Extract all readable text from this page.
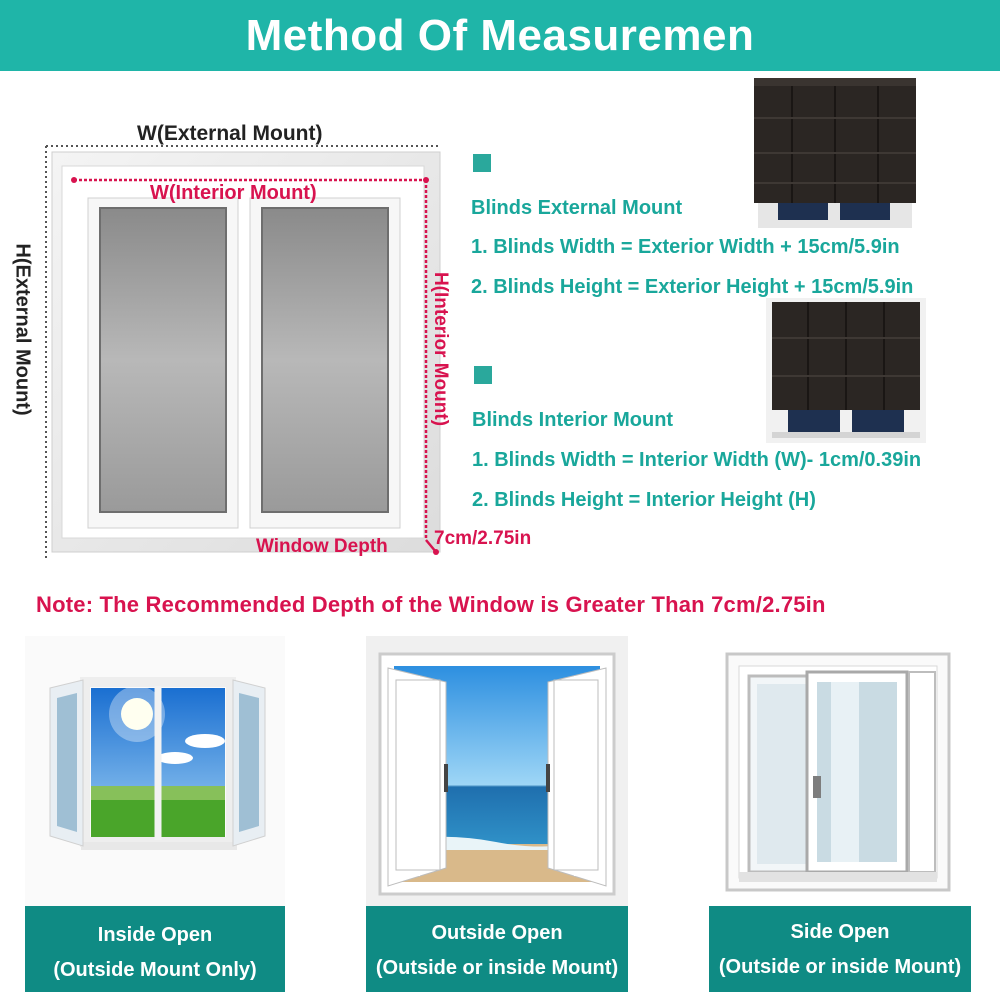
Method Of Measuremen
W(External Mount)
W(Interior Mount)
H(External Mount)	H(Interior Mount)
Window Depth 7cm/2.75in
Blinds External Mount
1. Blinds Width = Exterior Width + 15cm/5.9in
2. Blinds Height = Exterior Height + 15cm/5.9in
Blinds Interior Mount
1. Blinds Width = Interior Width (W)- 1cm/0.39in
2. Blinds Height = Interior Height (H)
Note: The Recommended Depth of the Window is Greater Than 7cm/2.75in
Inside Open
(Outside Mount Only)
Outside Open
(Outside or inside Mount)
Side Open
(Outside or inside Mount)
